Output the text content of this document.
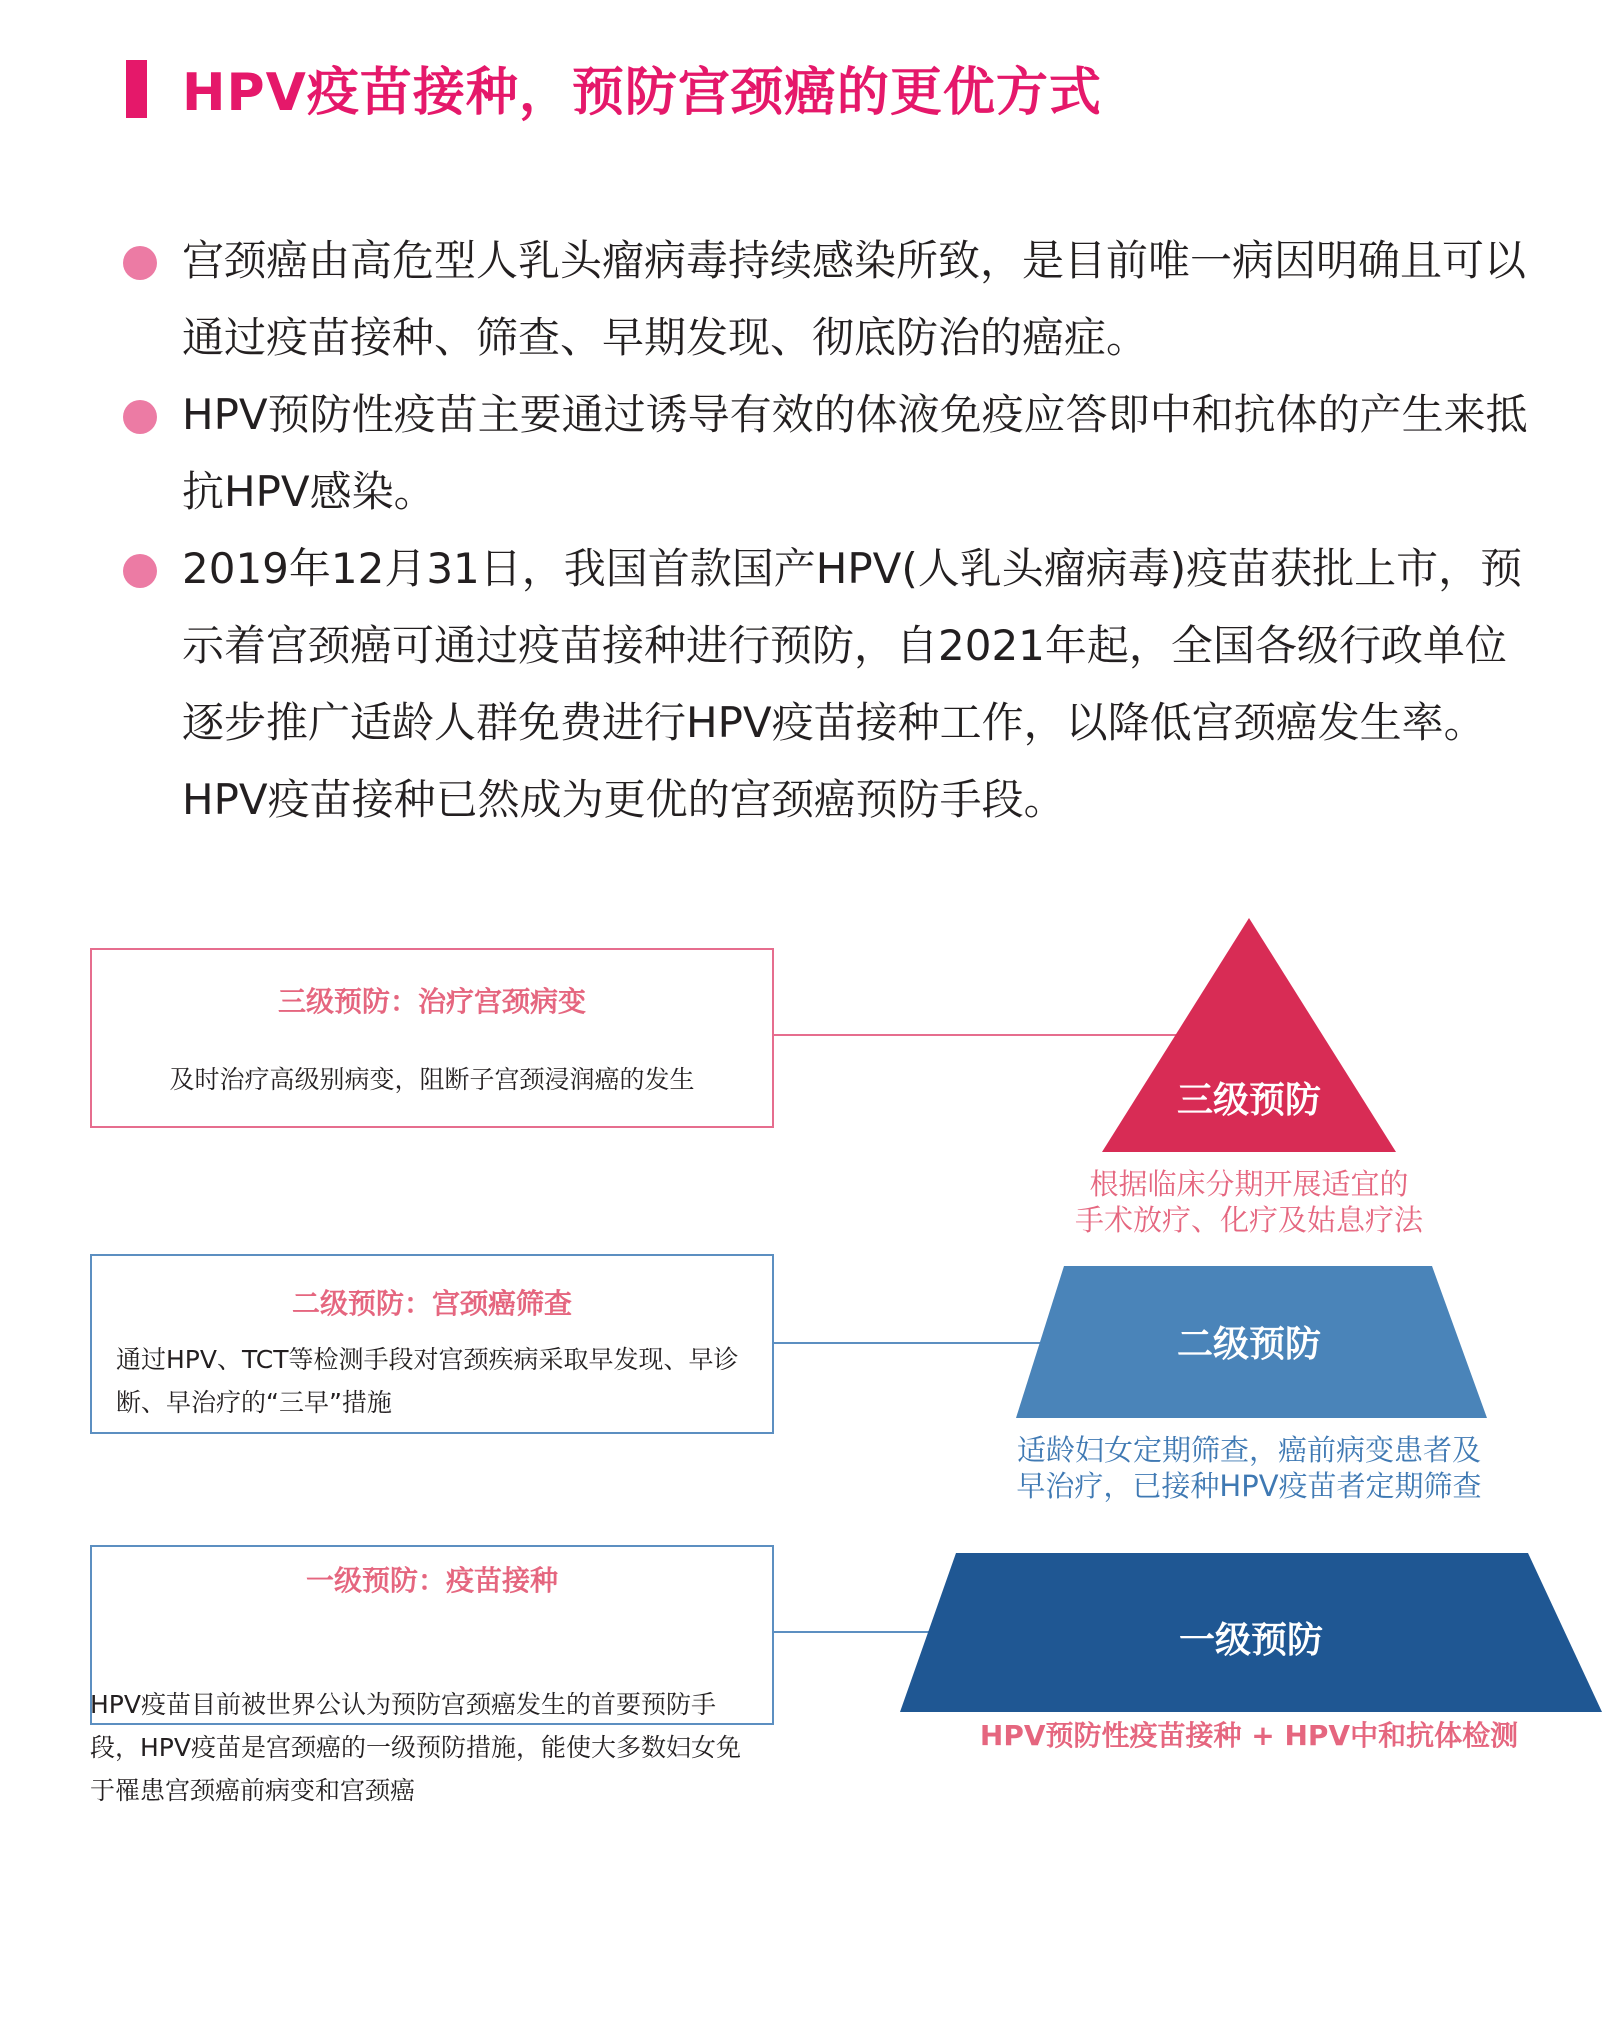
HPV疫苗接种，预防宫颈癌的更优方式
宫颈癌由高危型人乳头瘤病毒持续感染所致，是目前唯一病因明确且可以通过疫苗接种、筛查、早期发现、彻底防治的癌症。
HPV预防性疫苗主要通过诱导有效的体液免疫应答即中和抗体的产生来抵抗HPV感染。
2019年12月31日，我国首款国产HPV(人乳头瘤病毒)疫苗获批上市，预示着宫颈癌可通过疫苗接种进行预防，自2021年起，全国各级行政单位逐步推广适龄人群免费进行HPV疫苗接种工作，以降低宫颈癌发生率。HPV疫苗接种已然成为更优的宫颈癌预防手段。
三级预防：治疗宫颈病变
及时治疗高级别病变，阻断子宫颈浸润癌的发生
二级预防：宫颈癌筛查
通过HPV、TCT等检测手段对宫颈疾病采取早发现、早诊断、早治疗的“三早”措施
一级预防：疫苗接种
HPV疫苗目前被世界公认为预防宫颈癌发生的首要预防手段，HPV疫苗是宫颈癌的一级预防措施，能使大多数妇女免于罹患宫颈癌前病变和宫颈癌
三级预防
二级预防
一级预防
根据临床分期开展适宜的
手术放疗、化疗及姑息疗法
适龄妇女定期筛查，癌前病变患者及
早治疗，已接种HPV疫苗者定期筛查
HPV预防性疫苗接种 + HPV中和抗体检测
